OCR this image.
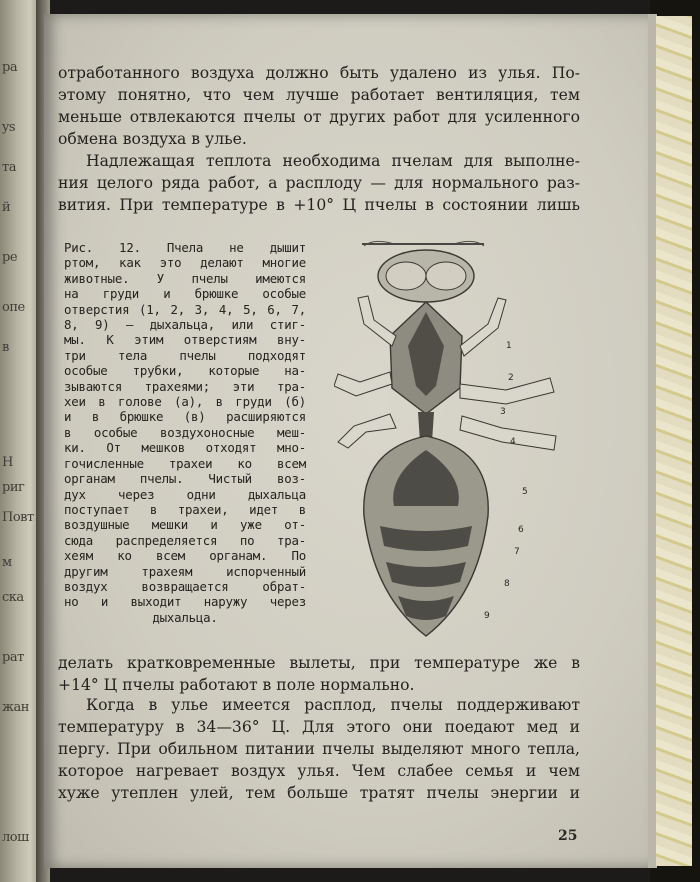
pa
ys
та
й
pe
опе
в
Н
риг
Повт
м
ска
рат
жан
лош
отработанного воздуха должно быть удалено из улья. По-
этому понятно, что чем лучше работает вентиляция, тем
меньше отвлекаются пчелы от других работ для усиленного
обмена воздуха в улье.
Надлежащая теплота необходима пчелам для выполне-
ния целого ряда работ, а расплоду — для нормального раз-
вития. При температуре в +10° Ц пчелы в состоянии лишь
Рис. 12. Пчела не дышит
ртом, как это делают многие
животные. У пчелы имеются
на груди и брюшке особые
отверстия (1, 2, 3, 4, 5, 6, 7,
8, 9) — дыхальца, или стиг-
мы. К этим отверстиям вну-
три тела пчелы подходят
особые трубки, которые на-
зываются трахеями; эти тра-
хеи в голове (а), в груди (б)
и в брюшке (в) расширяются
в особые воздухоносные меш-
ки. От мешков отходят мно-
гочисленные трахеи ко всем
органам пчелы. Чистый воз-
дух через одни дыхальца
поступает в трахеи, идет в
воздушные мешки и уже от-
сюда распределяется по тра-
хеям ко всем органам. По
другим трахеям испорченный
воздух возвращается обрат-
но и выходит наружу через
дыхальца.
1
2
3
4
5
6
7
8
9
делать кратковременные вылеты, при температуре же в
+14° Ц пчелы работают в поле нормально.
Когда в улье имеется расплод, пчелы поддерживают
температуру в 34—36° Ц. Для этого они поедают мед и
пергу. При обильном питании пчелы выделяют много тепла,
которое нагревает воздух улья. Чем слабее семья и чем
хуже утеплен улей, тем больше тратят пчелы энергии и
25
